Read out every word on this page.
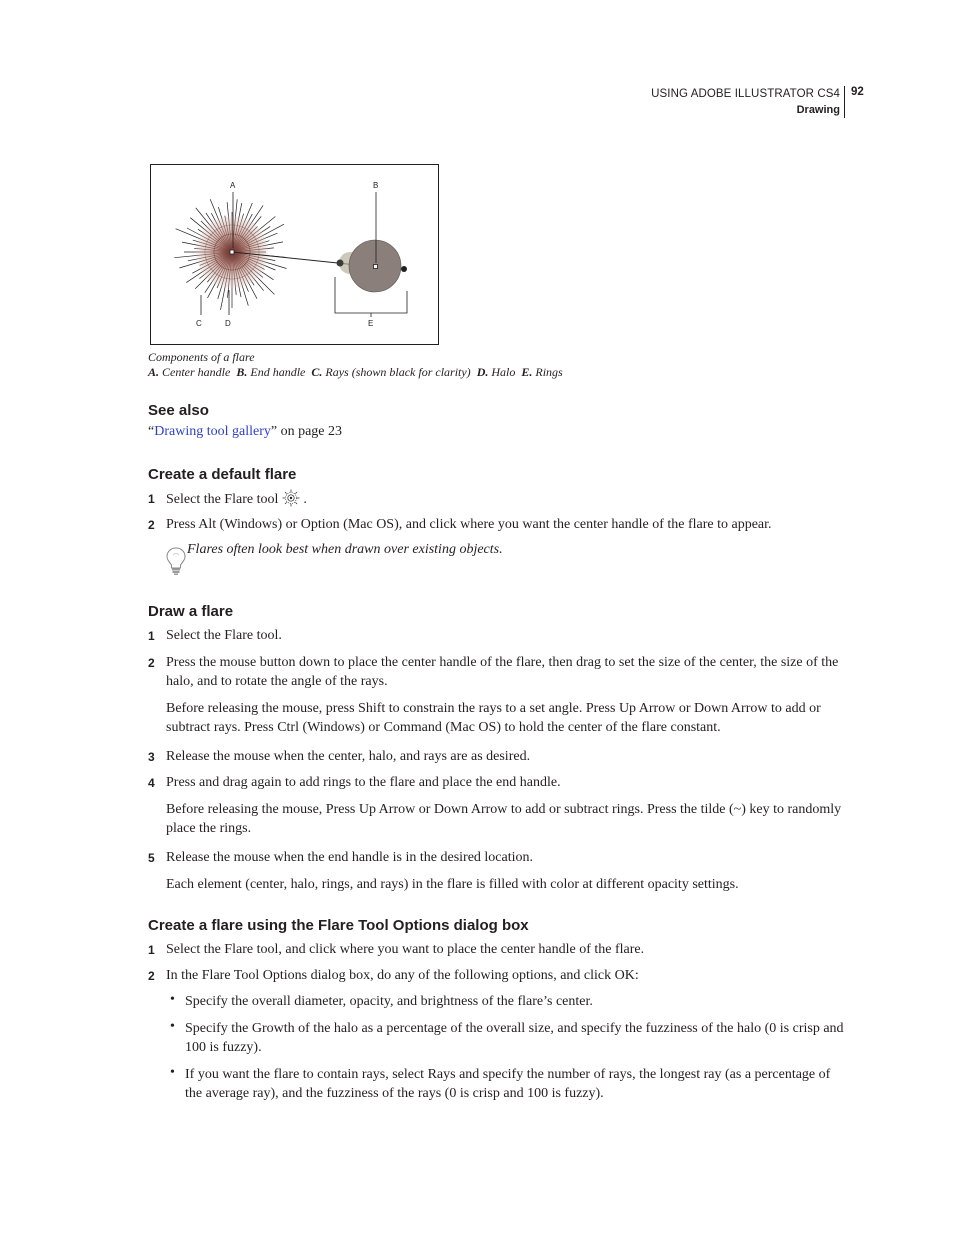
USING ADOBE ILLUSTRATOR CS4
Drawing
92
A	B
C	D	E
Components of a flare
A. Center handle B. End handle C. Rays (shown black for clarity) D. Halo E. Rings
See also
“Drawing tool gallery” on page 23
Create a default flare
1 Select the Flare tool .
2 Press Alt (Windows) or Option (Mac OS), and click where you want the center handle of the flare to appear.
Flares often look best when drawn over existing objects.
Draw a flare
1 Select the Flare tool.
2 Press the mouse button down to place the center handle of the flare, then drag to set the size of the center, the size of the halo, and to rotate the angle of the rays.
Before releasing the mouse, press Shift to constrain the rays to a set angle. Press Up Arrow or Down Arrow to add or subtract rays. Press Ctrl (Windows) or Command (Mac OS) to hold the center of the flare constant.
3 Release the mouse when the center, halo, and rays are as desired.
4 Press and drag again to add rings to the flare and place the end handle.
Before releasing the mouse, Press Up Arrow or Down Arrow to add or subtract rings. Press the tilde (~) key to randomly place the rings.
5 Release the mouse when the end handle is in the desired location.
Each element (center, halo, rings, and rays) in the flare is filled with color at different opacity settings.
Create a flare using the Flare Tool Options dialog box
1 Select the Flare tool, and click where you want to place the center handle of the flare.
2 In the Flare Tool Options dialog box, do any of the following options, and click OK:
• Specify the overall diameter, opacity, and brightness of the flare’s center.
• Specify the Growth of the halo as a percentage of the overall size, and specify the fuzziness of the halo (0 is crisp and 100 is fuzzy).
• If you want the flare to contain rays, select Rays and specify the number of rays, the longest ray (as a percentage of the average ray), and the fuzziness of the rays (0 is crisp and 100 is fuzzy).
